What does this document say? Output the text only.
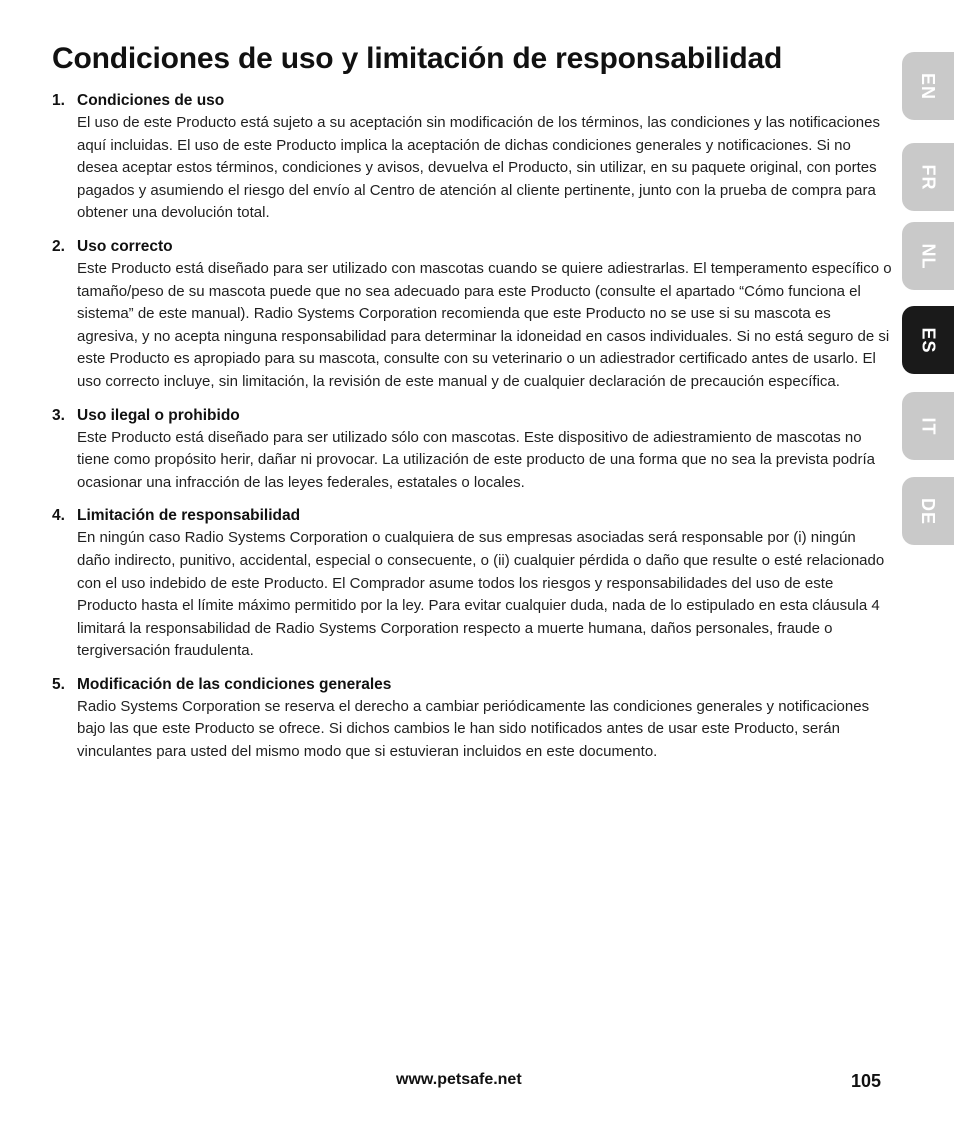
Condiciones de uso y limitación de responsabilidad
1. Condiciones de uso
El uso de este Producto está sujeto a su aceptación sin modificación de los términos, las condiciones y las notificaciones aquí incluidas. El uso de este Producto implica la aceptación de dichas condiciones generales y notificaciones. Si no desea aceptar estos términos, condiciones y avisos, devuelva el Producto, sin utilizar, en su paquete original, con portes pagados y asumiendo el riesgo del envío al Centro de atención al cliente pertinente, junto con la prueba de compra para obtener una devolución total.
2. Uso correcto
Este Producto está diseñado para ser utilizado con mascotas cuando se quiere adiestrarlas. El temperamento específico o tamaño/peso de su mascota puede que no sea adecuado para este Producto (consulte el apartado “Cómo funciona el sistema” de este manual). Radio Systems Corporation recomienda que este Producto no se use si su mascota es agresiva, y no acepta ninguna responsabilidad para determinar la idoneidad en casos individuales. Si no está seguro de si este Producto es apropiado para su mascota, consulte con su veterinario o un adiestrador certificado antes de usarlo. El uso correcto incluye, sin limitación, la revisión de este manual y de cualquier declaración de precaución específica.
3. Uso ilegal o prohibido
Este Producto está diseñado para ser utilizado sólo con mascotas. Este dispositivo de adiestramiento de mascotas no tiene como propósito herir, dañar ni provocar. La utilización de este producto de una forma que no sea la prevista podría ocasionar una infracción de las leyes federales, estatales o locales.
4. Limitación de responsabilidad
En ningún caso Radio Systems Corporation o cualquiera de sus empresas asociadas será responsable por (i) ningún daño indirecto, punitivo, accidental, especial o consecuente, o (ii) cualquier pérdida o daño que resulte o esté relacionado con el uso indebido de este Producto. El Comprador asume todos los riesgos y responsabilidades del uso de este Producto hasta el límite máximo permitido por la ley. Para evitar cualquier duda, nada de lo estipulado en esta cláusula 4 limitará la responsabilidad de Radio Systems Corporation respecto a muerte humana, daños personales, fraude o tergiversación fraudulenta.
5. Modificación de las condiciones generales
Radio Systems Corporation se reserva el derecho a cambiar periódicamente las condiciones generales y notificaciones bajo las que este Producto se ofrece. Si dichos cambios le han sido notificados antes de usar este Producto, serán vinculantes para usted del mismo modo que si estuvieran incluidos en este documento.
EN
FR
NL
ES
IT
DE
www.petsafe.net	105
